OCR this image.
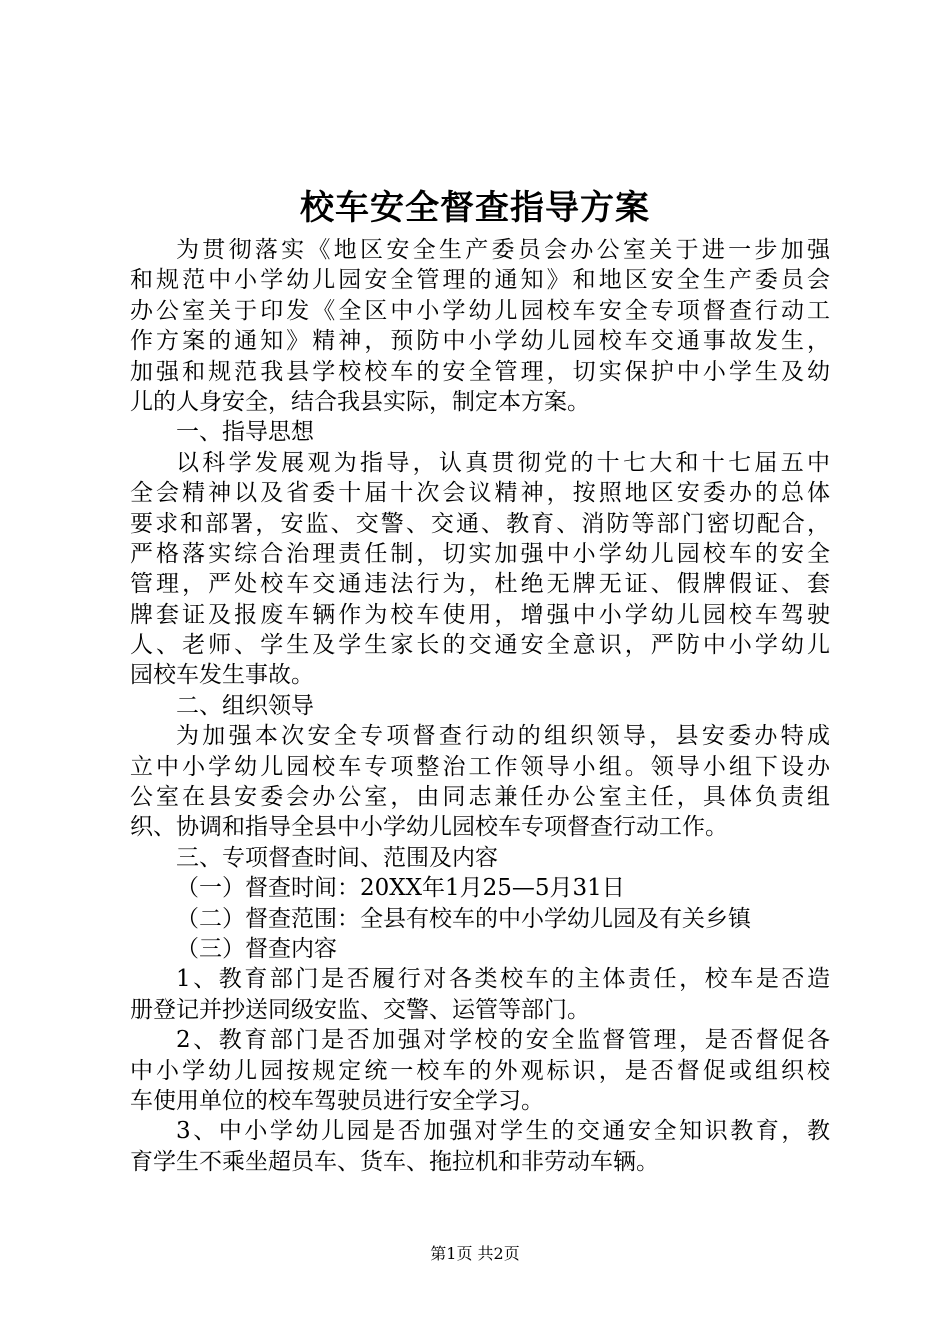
校车安全督查指导方案
为贯彻落实《地区安全生产委员会办公室关于进一步加强
和规范中小学幼儿园安全管理的通知》和地区安全生产委员会
办公室关于印发《全区中小学幼儿园校车安全专项督查行动工
作方案的通知》精神，预防中小学幼儿园校车交通事故发生，
加强和规范我县学校校车的安全管理，切实保护中小学生及幼
儿的人身安全，结合我县实际，制定本方案。
一、指导思想
以科学发展观为指导，认真贯彻党的十七大和十七届五中
全会精神以及省委十届十次会议精神，按照地区安委办的总体
要求和部署，安监、交警、交通、教育、消防等部门密切配合，
严格落实综合治理责任制，切实加强中小学幼儿园校车的安全
管理，严处校车交通违法行为，杜绝无牌无证、假牌假证、套
牌套证及报废车辆作为校车使用，增强中小学幼儿园校车驾驶
人、老师、学生及学生家长的交通安全意识，严防中小学幼儿
园校车发生事故。
二、组织领导
为加强本次安全专项督查行动的组织领导，县安委办特成
立中小学幼儿园校车专项整治工作领导小组。领导小组下设办
公室在县安委会办公室，由同志兼任办公室主任，具体负责组
织、协调和指导全县中小学幼儿园校车专项督查行动工作。
三、专项督查时间、范围及内容
（一）督查时间：20XX年1月25—5月31日
（二）督查范围：全县有校车的中小学幼儿园及有关乡镇
（三）督查内容
1、教育部门是否履行对各类校车的主体责任，校车是否造
册登记并抄送同级安监、交警、运管等部门。
2、教育部门是否加强对学校的安全监督管理，是否督促各
中小学幼儿园按规定统一校车的外观标识，是否督促或组织校
车使用单位的校车驾驶员进行安全学习。
3、中小学幼儿园是否加强对学生的交通安全知识教育，教
育学生不乘坐超员车、货车、拖拉机和非劳动车辆。
第1页 共2页
